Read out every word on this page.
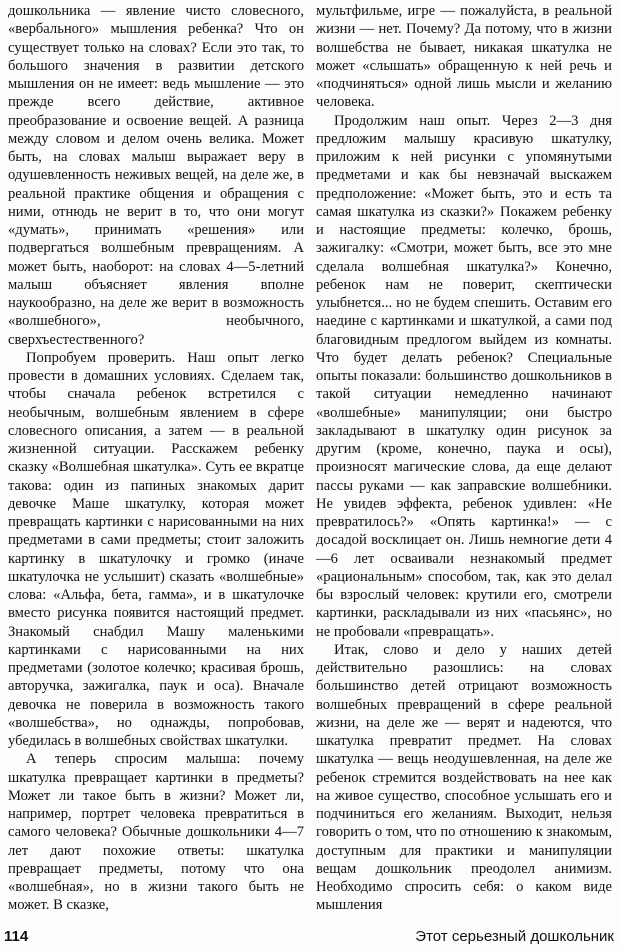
дошкольника — явление чисто словесного, «вербального» мышления ребенка? Что он существует только на словах? Если это так, то большого значения в развитии детского мышления он не имеет: ведь мышление — это прежде всего действие, активное преобразование и освоение вещей. А разница между словом и делом очень велика. Может быть, на словах малыш выражает веру в одушевленность неживых вещей, на деле же, в реальной практике общения и обращения с ними, отнюдь не верит в то, что они могут «думать», принимать «решения» или подвергаться волшебным превращениям. А может быть, наоборот: на словах 4—5-летний малыш объясняет явления вполне наукообразно, на деле же верит в возможность «волшебного», необычного, сверхъестественного?

Попробуем проверить. Наш опыт легко провести в домашних условиях. Сделаем так, чтобы сначала ребенок встретился с необычным, волшебным явлением в сфере словесного описания, а затем — в реальной жизненной ситуации. Расскажем ребенку сказку «Волшебная шкатулка». Суть ее вкратце такова: один из папиных знакомых дарит девочке Маше шкатулку, которая может превращать картинки с нарисованными на них предметами в сами предметы; стоит заложить картинку в шкатулочку и громко (иначе шкатулочка не услышит) сказать «волшебные» слова: «Альфа, бета, гамма», и в шкатулочке вместо рисунка появится настоящий предмет. Знакомый снабдил Машу маленькими картинками с нарисованными на них предметами (золотое колечко; красивая брошь, авторучка, зажигалка, паук и оса). Вначале девочка не поверила в возможность такого «волшебства», но однажды, попробовав, убедилась в волшебных свойствах шкатулки.

А теперь спросим малыша: почему шкатулка превращает картинки в предметы? Может ли такое быть в жизни? Может ли, например, портрет человека превратиться в самого человека? Обычные дошкольники 4—7 лет дают похожие ответы: шкатулка превращает предметы, потому что она «волшебная», но в жизни такого быть не может. В сказке,

мультфильме, игре — пожалуйста, в реальной жизни — нет. Почему? Да потому, что в жизни волшебства не бывает, никакая шкатулка не может «слышать» обращенную к ней речь и «подчиняться» одной лишь мысли и желанию человека.

Продолжим наш опыт. Через 2—3 дня предложим малышу красивую шкатулку, приложим к ней рисунки с упомянутыми предметами и как бы невзначай выскажем предположение: «Может быть, это и есть та самая шкатулка из сказки?» Покажем ребенку и настоящие предметы: колечко, брошь, зажигалку: «Смотри, может быть, все это мне сделала волшебная шкатулка?» Конечно, ребенок нам не поверит, скептически улыбнется... но не будем спешить. Оставим его наедине с картинками и шкатулкой, а сами под благовидным предлогом выйдем из комнаты. Что будет делать ребенок? Специальные опыты показали: большинство дошкольников в такой ситуации немедленно начинают «волшебные» манипуляции; они быстро закладывают в шкатулку один рисунок за другим (кроме, конечно, паука и осы), произносят магические слова, да еще делают пассы руками — как заправские волшебники. Не увидев эффекта, ребенок удивлен: «Не превратилось?» «Опять картинка!» — с досадой восклицает он. Лишь немногие дети 4—6 лет осваивали незнакомый предмет «рациональным» способом, так, как это делал бы взрослый человек: крутили его, смотрели картинки, раскладывали из них «пасьянс», но не пробовали «превращать».

Итак, слово и дело у наших детей действительно разошлись: на словах большинство детей отрицают возможность волшебных превращений в сфере реальной жизни, на деле же — верят и надеются, что шкатулка превратит предмет. На словах шкатулка — вещь неодушевленная, на деле же ребенок стремится воздействовать на нее как на живое существо, способное услышать его и подчиниться его желаниям. Выходит, нельзя говорить о том, что по отношению к знакомым, доступным для практики и манипуляции вещам дошкольник преодолел анимизм. Необходимо спросить себя: о каком виде мышления

114	Этот серьезный дошкольник
